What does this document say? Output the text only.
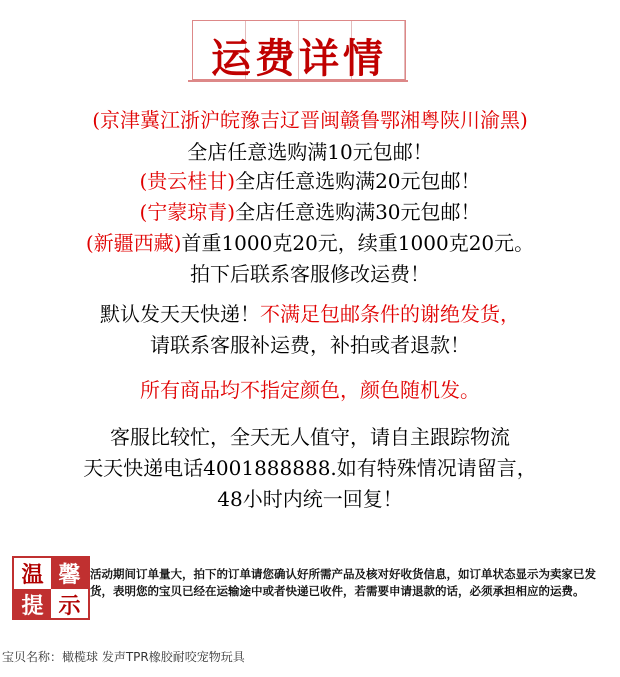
运费详情
(京津冀江浙沪皖豫吉辽晋闽赣鲁鄂湘粤陕川渝黑)
全店任意选购满10元包邮！
(贵云桂甘)全店任意选购满20元包邮！
(宁蒙琼青)全店任意选购满30元包邮！
(新疆西藏)首重1000克20元，续重1000克20元。
拍下后联系客服修改运费！
默认发天天快递！不满足包邮条件的谢绝发货，
请联系客服补运费，补拍或者退款！
所有商品均不指定颜色，颜色随机发。
客服比较忙，全天无人值守，请自主跟踪物流
天天快递电话4001888888.如有特殊情况请留言，
48小时内统一回复！
温 馨
提 示
活动期间订单量大，拍下的订单请您确认好所需产品及核对好收货信息，如订单状态显示为卖家已发货，表明您的宝贝已经在运输途中或者快递已收件，若需要申请退款的话，必须承担相应的运费。
宝贝名称：橄榄球 发声TPR橡胶耐咬宠物玩具
